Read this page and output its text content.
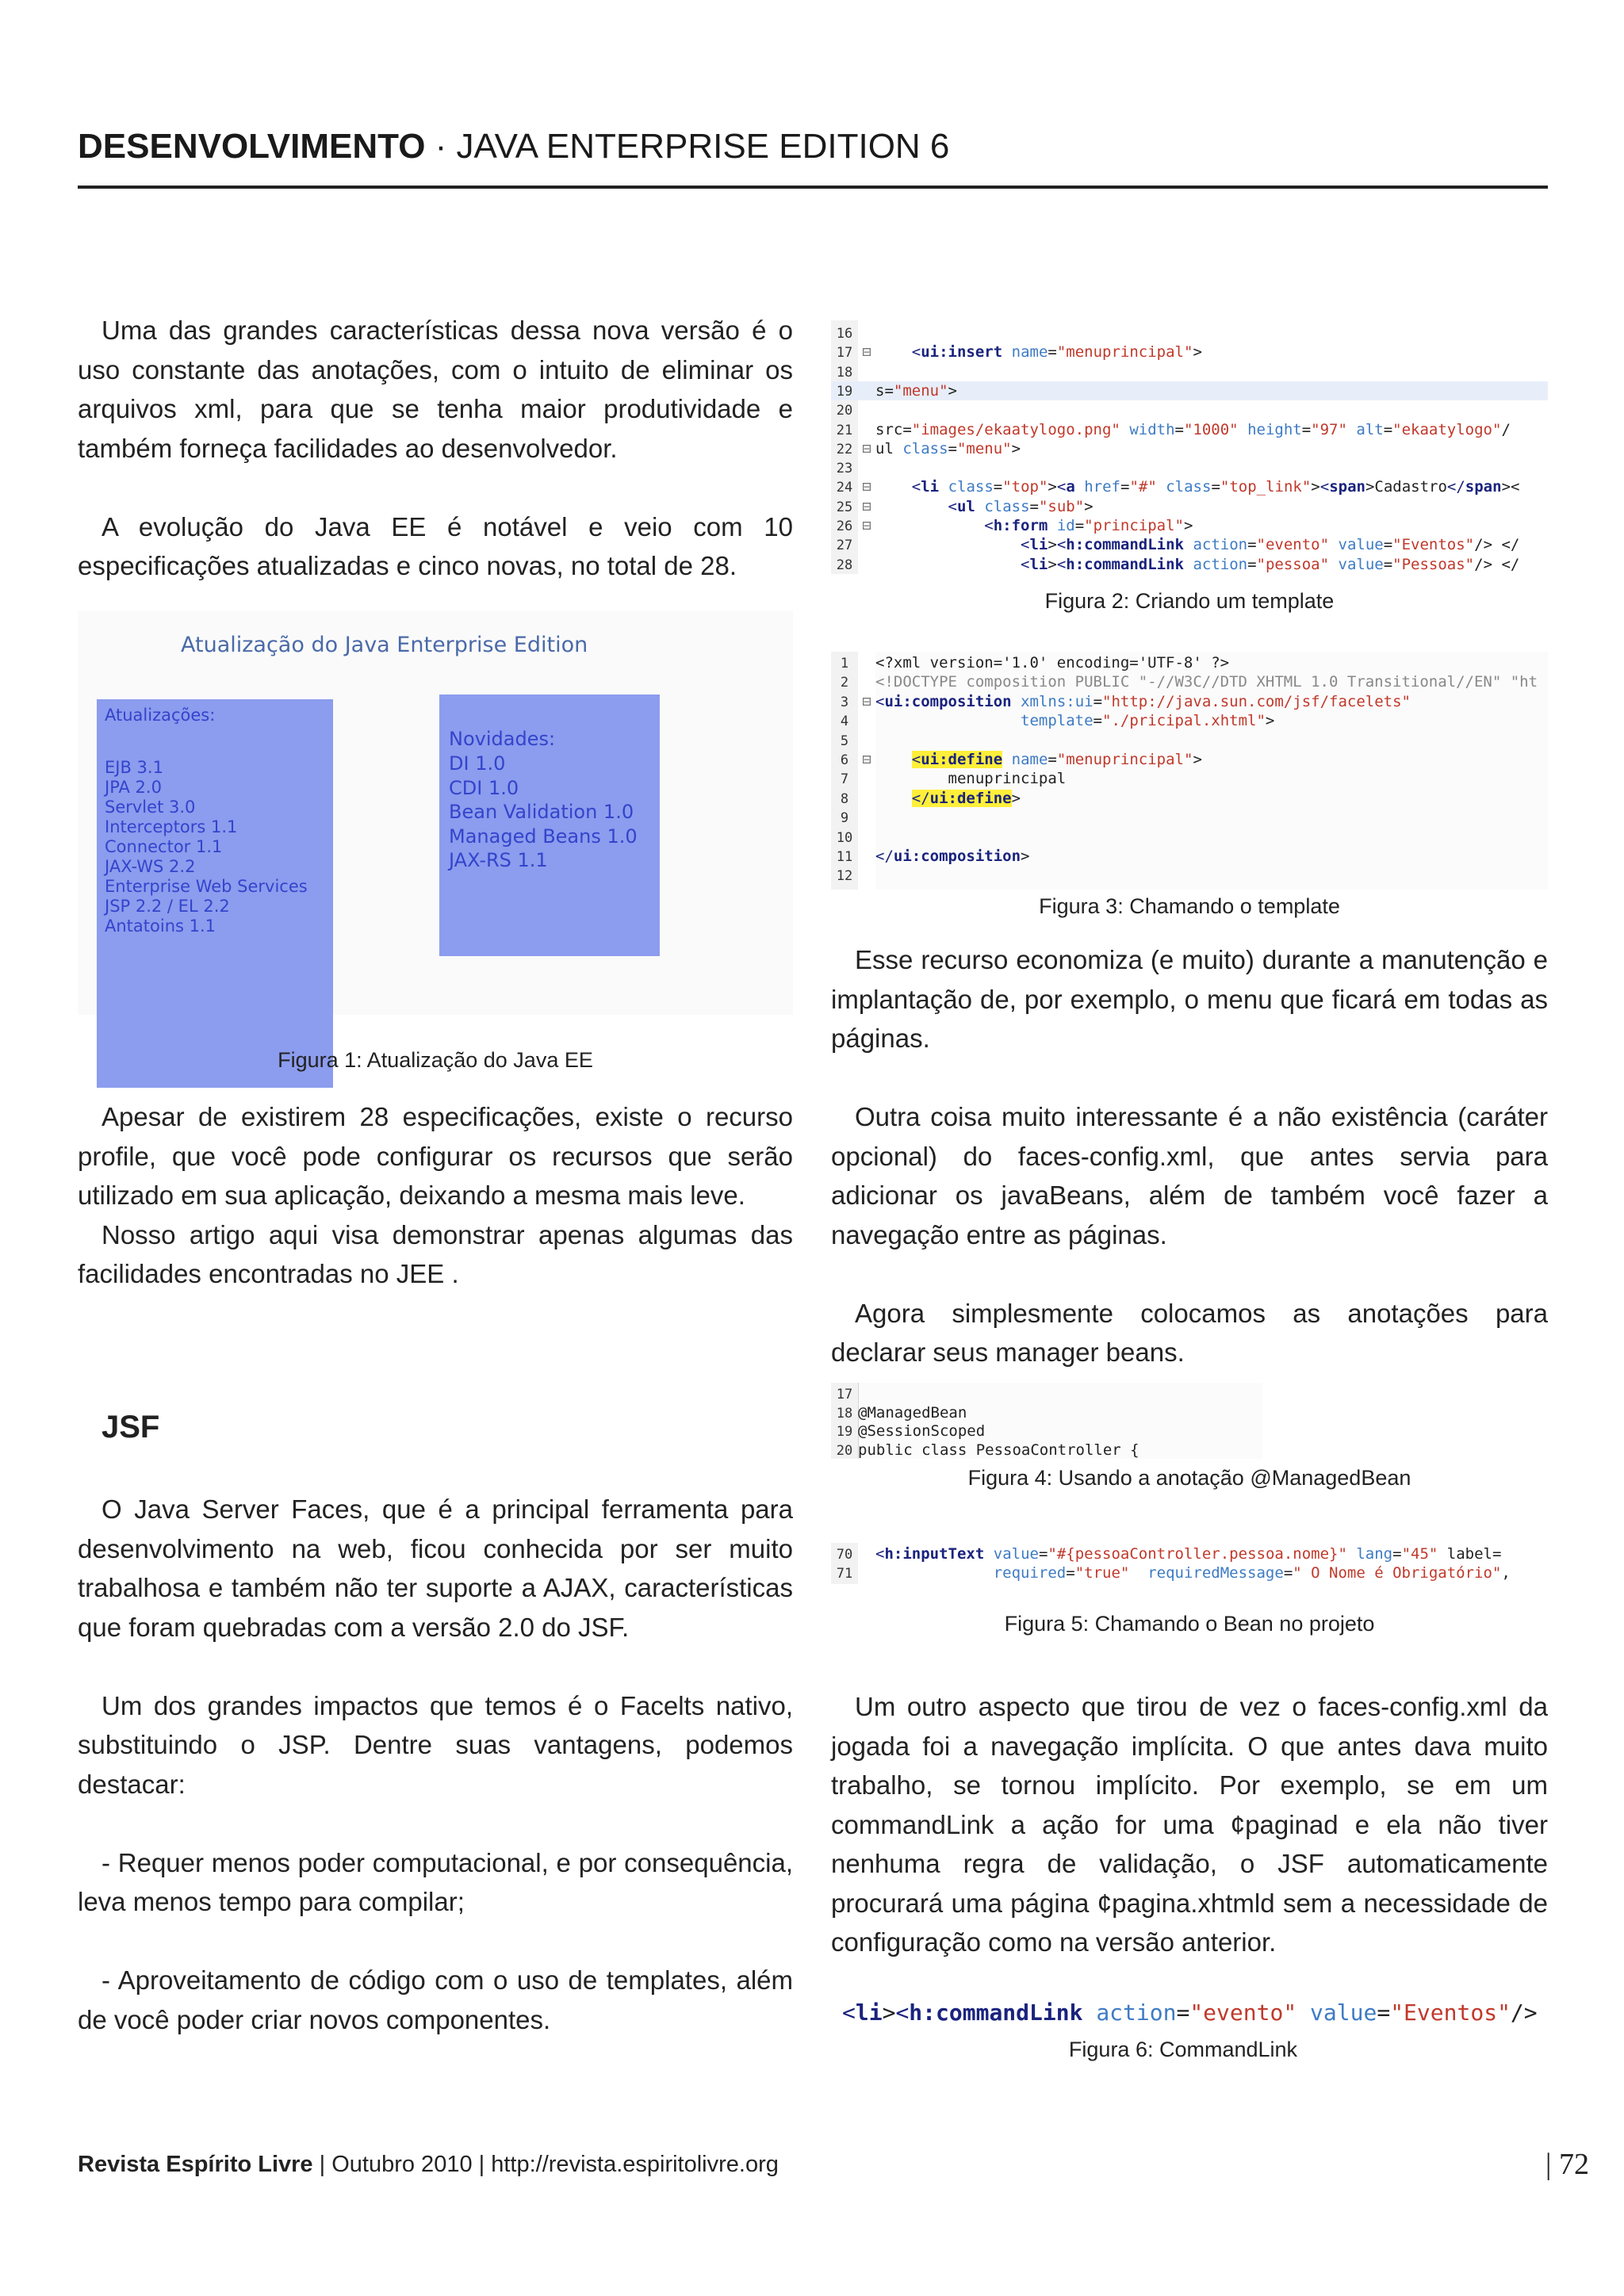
DESENVOLVIMENTO · JAVA ENTERPRISE EDITION 6

Uma das grandes características dessa nova versão é o uso constante das anotações, com o intuito de eliminar os arquivos xml, para que se tenha maior produtividade e também forneça facilidades ao desenvolvedor.

A evolução do Java EE é notável e veio com 10 especificações atualizadas e cinco novas, no total de 28.

Atualização do Java Enterprise Edition
Atualizações:
EJB 3.1
JPA 2.0
Servlet 3.0
Interceptors 1.1
Connector 1.1
JAX-WS 2.2
Enterprise Web Services
JSP 2.2 / EL 2.2
Antatoins 1.1
Novidades:
DI 1.0
CDI 1.0
Bean Validation 1.0
Managed Beans 1.0
JAX-RS 1.1
Figura 1: Atualização do Java EE

Apesar de existirem 28 especificações, existe o recurso profile, que você pode configurar os recursos que serão utilizado em sua aplicação, deixando a mesma mais leve.

Nosso artigo aqui visa demonstrar apenas algumas das facilidades encontradas no JEE .

JSF

O Java Server Faces, que é a principal ferramenta para desenvolvimento na web, ficou conhecida por ser muito trabalhosa e também não ter suporte a AJAX, características que foram quebradas com a versão 2.0 do JSF.

Um dos grandes impactos que temos é o Facelts nativo, substituindo o JSP. Dentre suas vantagens, podemos destacar:

- Requer menos poder computacional, e por consequência, leva menos tempo para compilar;

- Aproveitamento de código com o uso de templates, além de você poder criar novos componentes.

16
17 ⊟	<ui:insert name="menuprincipal">
18
19 s="menu">
20
21 src="images/ekaatylogo.png" width="1000" height="97" alt="ekaatylogo"/
22 ⊟ ul class="menu">
23
24 ⊟	<li class="top"><a href="#" class="top_link"><span>Cadastro</span><
25 ⊟	<ul class="sub">
26 ⊟	<h:form id="principal">
27	<li><h:commandLink action="evento" value="Eventos"/> </
28	<li><h:commandLink action="pessoa" value="Pessoas"/> </
Figura 2: Criando um template
1 <?xml version='1.0' encoding='UTF-8' ?>
2 <!DOCTYPE composition PUBLIC "-//W3C//DTD XHTML 1.0 Transitional//EN" "ht
3 ⊟ <ui:composition xmlns:ui="http://java.sun.com/jsf/facelets"
4	template="./pricipal.xhtml">
5
6 ⊟	<ui:define name="menuprincipal">
7        menuprincipal
8	</ui:define>
9
10
11 </ui:composition>
12
Figura 3: Chamando o template

Esse recurso economiza (e muito) durante a manutenção e implantação de, por exemplo, o menu que ficará em todas as páginas.

Outra coisa muito interessante é a não existência (caráter opcional) do faces-config.xml, que antes servia para adicionar os javaBeans, além de também você fazer a navegação entre as páginas.

Agora simplesmente colocamos as anotações para declarar seus manager beans.

17
18 @ManagedBean
19 @SessionScoped
20 public class PessoaController {
Figura 4: Usando a anotação @ManagedBean
70 <h:inputText value="#{pessoaController.pessoa.nome}" lang="45" label=
71	required="true" requiredMessage=" O Nome é Obrigatório",
Figura 5: Chamando o Bean no projeto

Um outro aspecto que tirou de vez o faces-config.xml da jogada foi a navegação implícita. O que antes dava muito trabalho, se tornou implícito. Por exemplo, se em um commandLink a ação for uma ¢paginad e ela não tiver nenhuma regra de validação, o JSF automaticamente procurará uma página ¢pagina.xhtmld sem a necessidade de configuração como na versão anterior.

<li><h:commandLink action="evento" value="Eventos"/>
Figura 6: CommandLink
Revista Espírito Livre | Outubro 2010 | http://revista.espiritolivre.org	| 72
